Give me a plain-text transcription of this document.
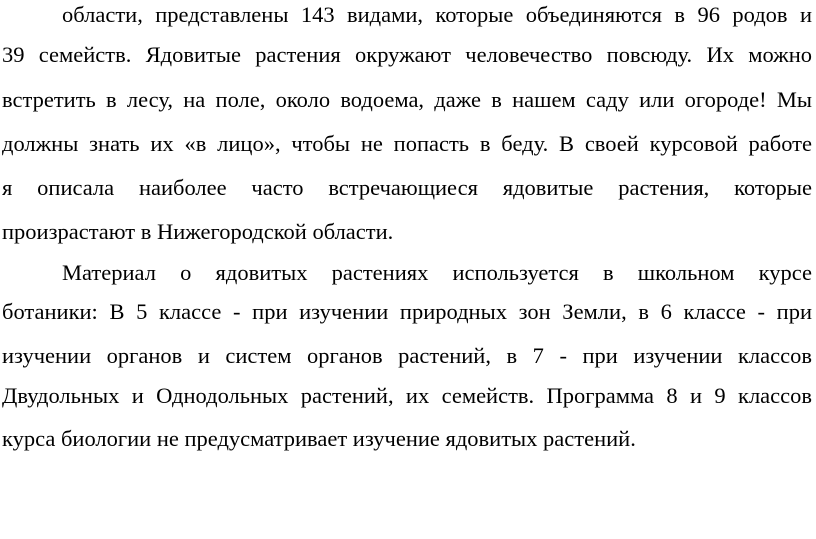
области, представлены 143 видами, которые объединяются в 96 родов и
39 семейств. Ядовитые растения окружают человечество повсюду. Их можно
встретить в лесу, на поле, около водоема, даже в нашем саду или огороде! Мы
должны знать их «в лицо», чтобы не попасть в беду. В своей курсовой работе
я описала наиболее часто встречающиеся ядовитые растения, которые
произрастают в Нижегородской области.
Материал о ядовитых растениях используется в школьном курсе
ботаники: В 5 классе - при изучении природных зон Земли, в 6 классе - при
изучении органов и систем органов растений, в 7 - при изучении классов
Двудольных и Однодольных растений, их семейств. Программа 8 и 9 классов
курса биологии не предусматривает изучение ядовитых растений.
